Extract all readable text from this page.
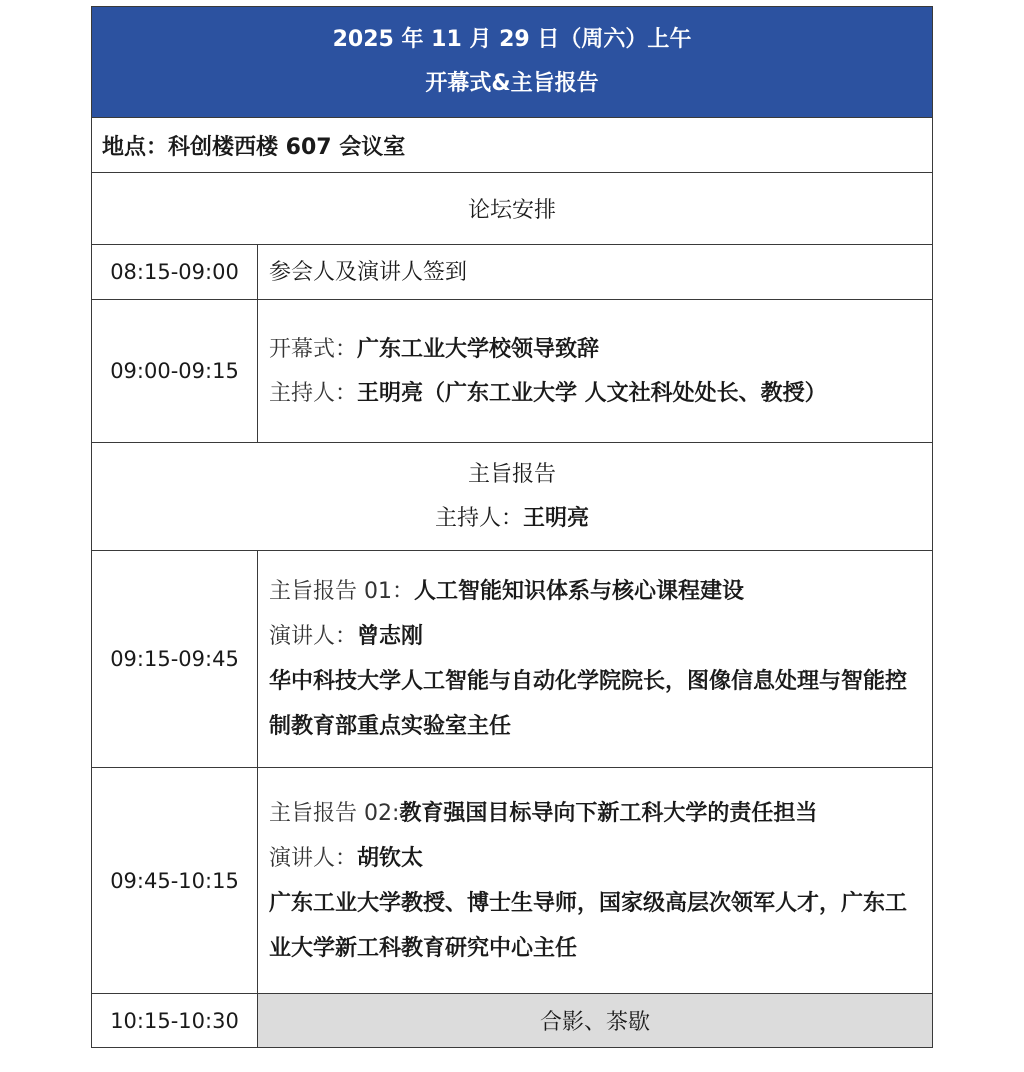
2025 年 11 月 29 日（周六）上午
开幕式&主旨报告	

地点：科创楼西楼 607 会议室	
论坛安排	
08:15-09:00	参会人及演讲人签到
09:00-09:15	开幕式：广东工业大学校领导致辞
主持人：王明亮（广东工业大学 人文社科处处长、教授）

主旨报告
主持人：王明亮	

09:15-09:45	主旨报告 01：人工智能知识体系与核心课程建设
演讲人：曾志刚
华中科技大学人工智能与自动化学院院长，图像信息处理与智能控制教育部重点实验室主任

09:45-10:15	主旨报告 02:教育强国目标导向下新工科大学的责任担当
演讲人：胡钦太
广东工业大学教授、博士生导师，国家级高层次领军人才，广东工业大学新工科教育研究中心主任

10:15-10:30	合影、茶歇
